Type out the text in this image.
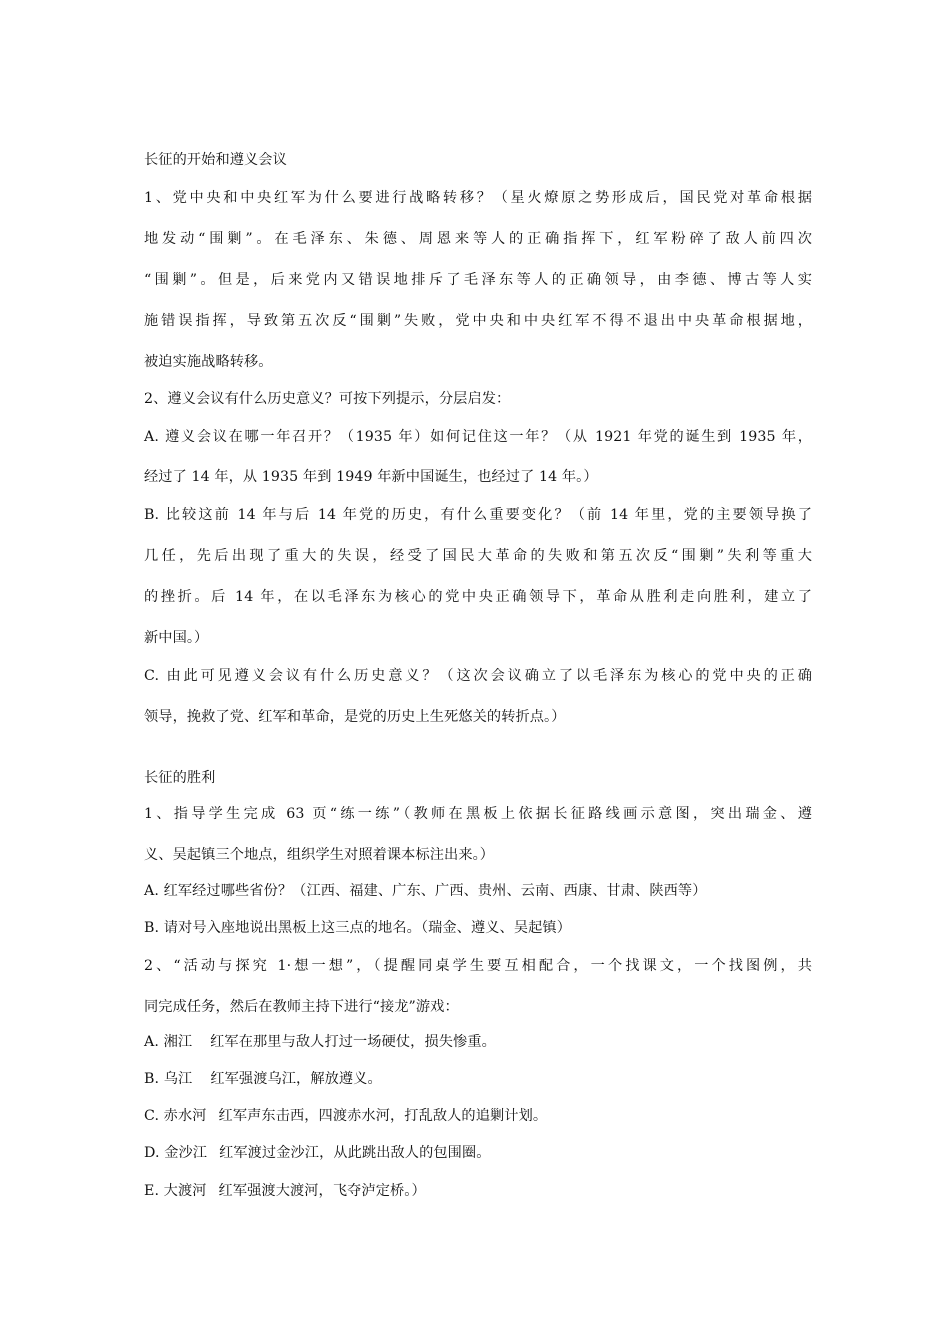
长征的开始和遵义会议
1、党中央和中央红军为什么要进行战略转移？（星火燎原之势形成后，国民党对革命根据
地发动“围剿”。在毛泽东、朱德、周恩来等人的正确指挥下，红军粉碎了敌人前四次
“围剿”。但是，后来党内又错误地排斥了毛泽东等人的正确领导，由李德、博古等人实
施错误指挥，导致第五次反“围剿”失败，党中央和中央红军不得不退出中央革命根据地，
被迫实施战略转移。
2、遵义会议有什么历史意义？可按下列提示，分层启发：
A. 遵义会议在哪一年召开？（1935 年）如何记住这一年？（从 1921 年党的诞生到 1935 年，
经过了 14 年，从 1935 年到 1949 年新中国诞生，也经过了 14 年。）
B. 比较这前 14 年与后 14 年党的历史，有什么重要变化？（前 14 年里，党的主要领导换了
几任，先后出现了重大的失误，经受了国民大革命的失败和第五次反“围剿”失利等重大
的挫折。后 14 年，在以毛泽东为核心的党中央正确领导下，革命从胜利走向胜利，建立了
新中国。）
C. 由此可见遵义会议有什么历史意义？（这次会议确立了以毛泽东为核心的党中央的正确
领导，挽救了党、红军和革命，是党的历史上生死悠关的转折点。）
长征的胜利
1、指导学生完成 63 页“练一练”（教师在黑板上依据长征路线画示意图，突出瑞金、遵
义、吴起镇三个地点，组织学生对照着课本标注出来。）
A. 红军经过哪些省份？（江西、福建、广东、广西、贵州、云南、西康、甘肃、陕西等）
B. 请对号入座地说出黑板上这三点的地名。（瑞金、遵义、吴起镇）
2、“活动与探究 1·想一想”，（提醒同桌学生要互相配合，一个找课文，一个找图例，共
同完成任务，然后在教师主持下进行“接龙”游戏：
A. 湘江 红军在那里与敌人打过一场硬仗，损失惨重。
B. 乌江 红军强渡乌江，解放遵义。
C. 赤水河 红军声东击西，四渡赤水河，打乱敌人的追剿计划。
D. 金沙江 红军渡过金沙江，从此跳出敌人的包围圈。
E. 大渡河 红军强渡大渡河，飞夺泸定桥。）
